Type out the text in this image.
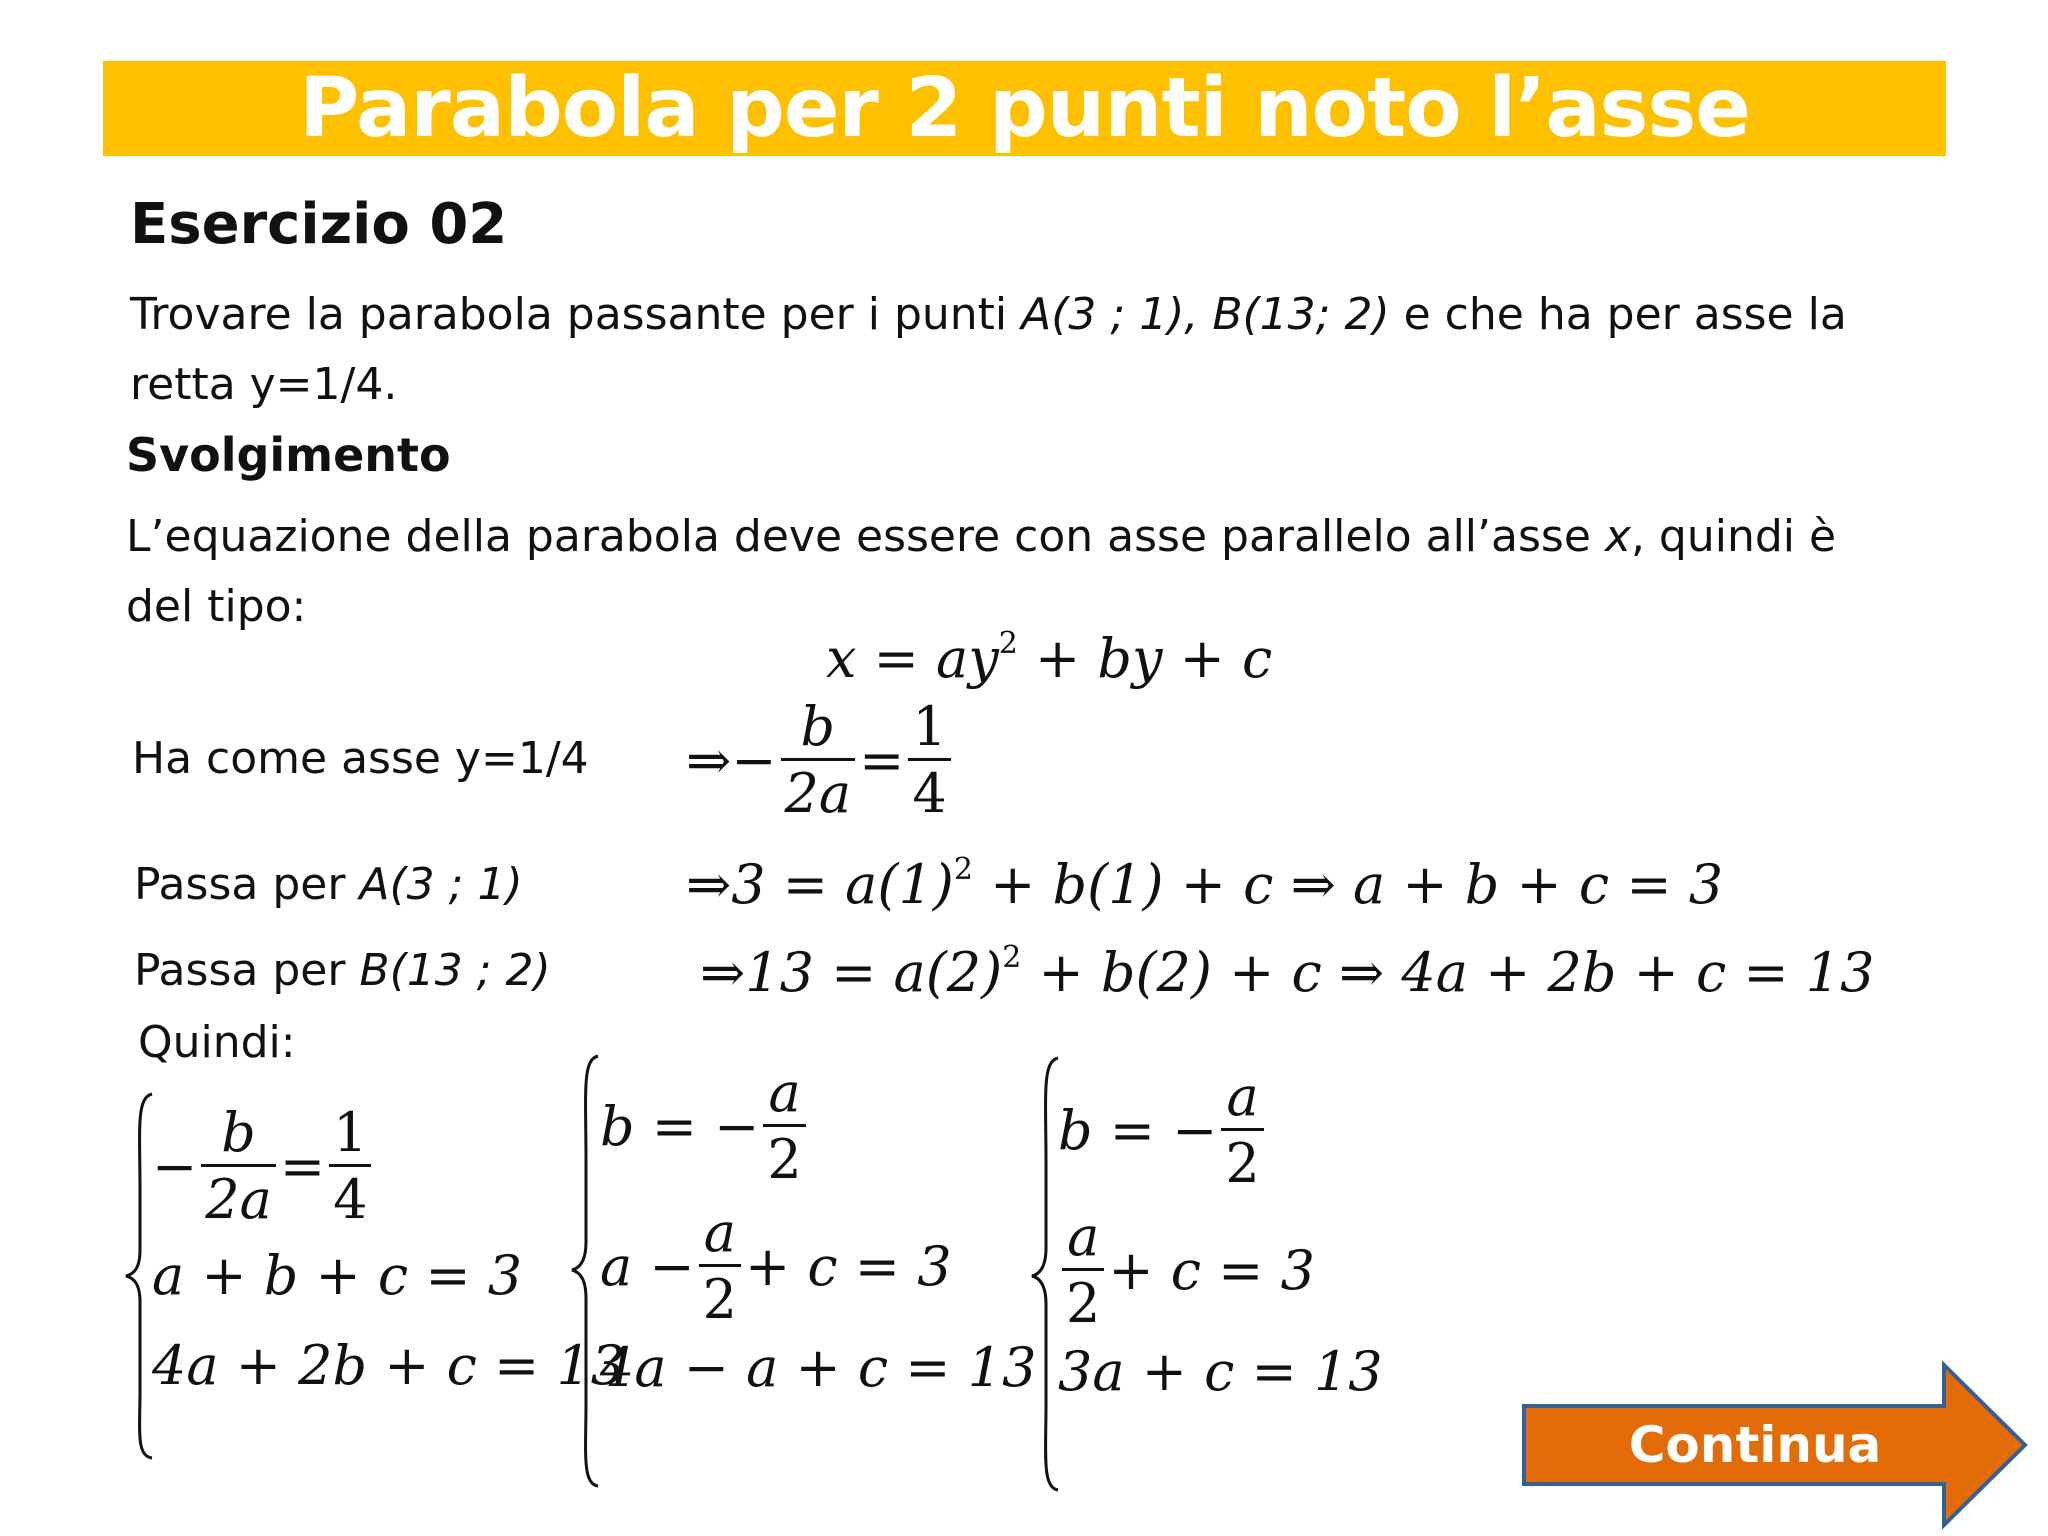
Parabola per 2 punti noto l’asse
Esercizio 02
Trovare la parabola passante per i punti A(3 ; 1), B(13; 2) e che ha per asse la
retta y=1/4.
Svolgimento
L’equazione della parabola deve essere con asse parallelo all’asse x, quindi è
del tipo:
$x = ay^2$ + by + c
Ha come asse y=1/4 ⇒ − $\frac{b}{2a} = \frac{1}{4}$
Passa per A(3 ; 1)	⇒3 = $a(1)^2 + b(1) + c$ ⇒ a + b + c = 3
Passa per B(13 ; 2)	⇒13 = $a(2)^2 + b(2) + c$ ⇒ 4a + 2b + c = 13
Quindi:
− $\frac{b}{2a} = \frac{1}{4}$
a + b + c = 3
4a + 2b + c = 13
b = − $\frac{a}{2}$
$a - \frac{a}{2} + c = 3$
4a − a + c = 13
b = − $\frac{a}{2}$
$\frac{a}{2} + c = 3$
3a + c = 13
Continua
